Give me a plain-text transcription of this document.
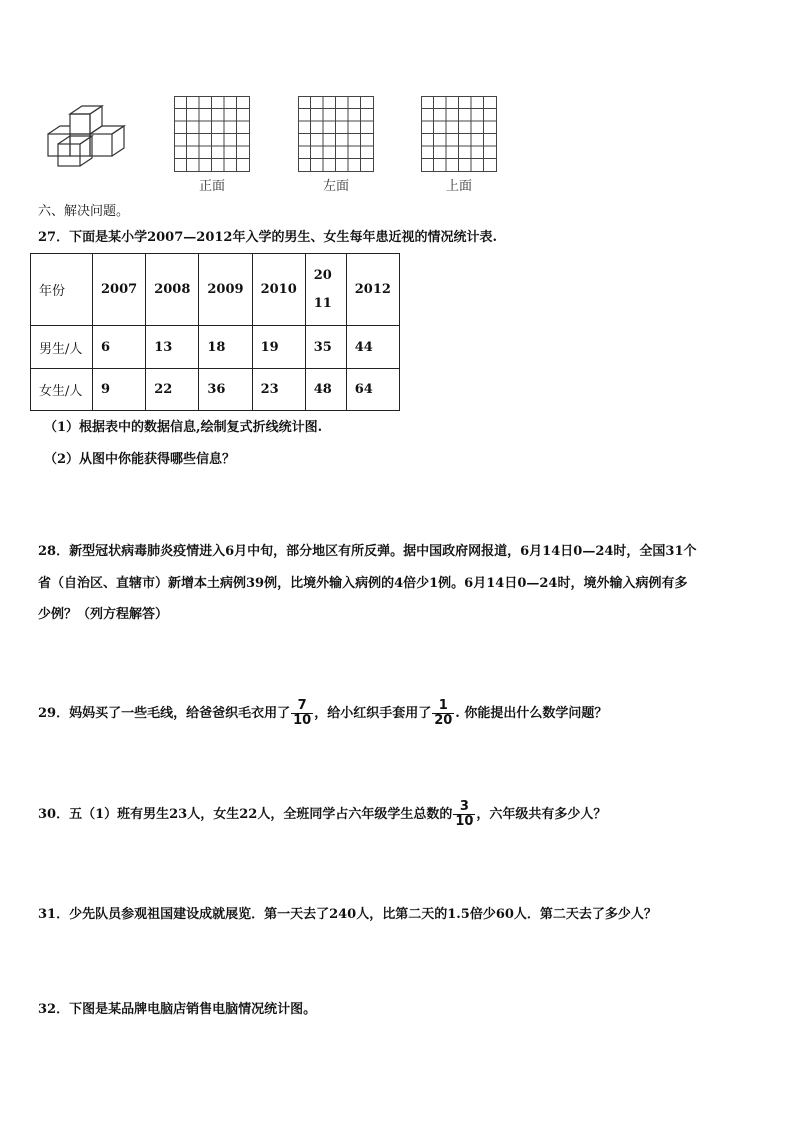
正面	左面	上面
六、解决问题。
27．下面是某小学2007—2012年入学的男生、女生每年患近视的情况统计表.
年份	2007	2008	2009	2010	2011	2012
男生/人	6	13	18	19	35	44
女生/人	9	22	36	23	48	64
（1）根据表中的数据信息,绘制复式折线统计图.
（2）从图中你能获得哪些信息？
28．新型冠状病毒肺炎疫情进入6月中旬，部分地区有所反弹。据中国政府网报道，6月14日0—24时，全国31个
省（自治区、直辖市）新增本土病例39例，比境外输入病例的4倍少1例。6月14日0—24时，境外输入病例有多
少例？（列方程解答）
29．妈妈买了一些毛线，给爸爸织毛衣用了 $\frac{7}{10}$ ，给小红织手套用了 $\frac{1}{20}$ . 你能提出什么数学问题？
30．五（1）班有男生23人，女生22人，全班同学占六年级学生总数的 $\frac{3}{10}$ ，六年级共有多少人？
31．少先队员参观祖国建设成就展览．第一天去了240人，比第二天的1.5倍少60人．第二天去了多少人？
32．下图是某品牌电脑店销售电脑情况统计图。
